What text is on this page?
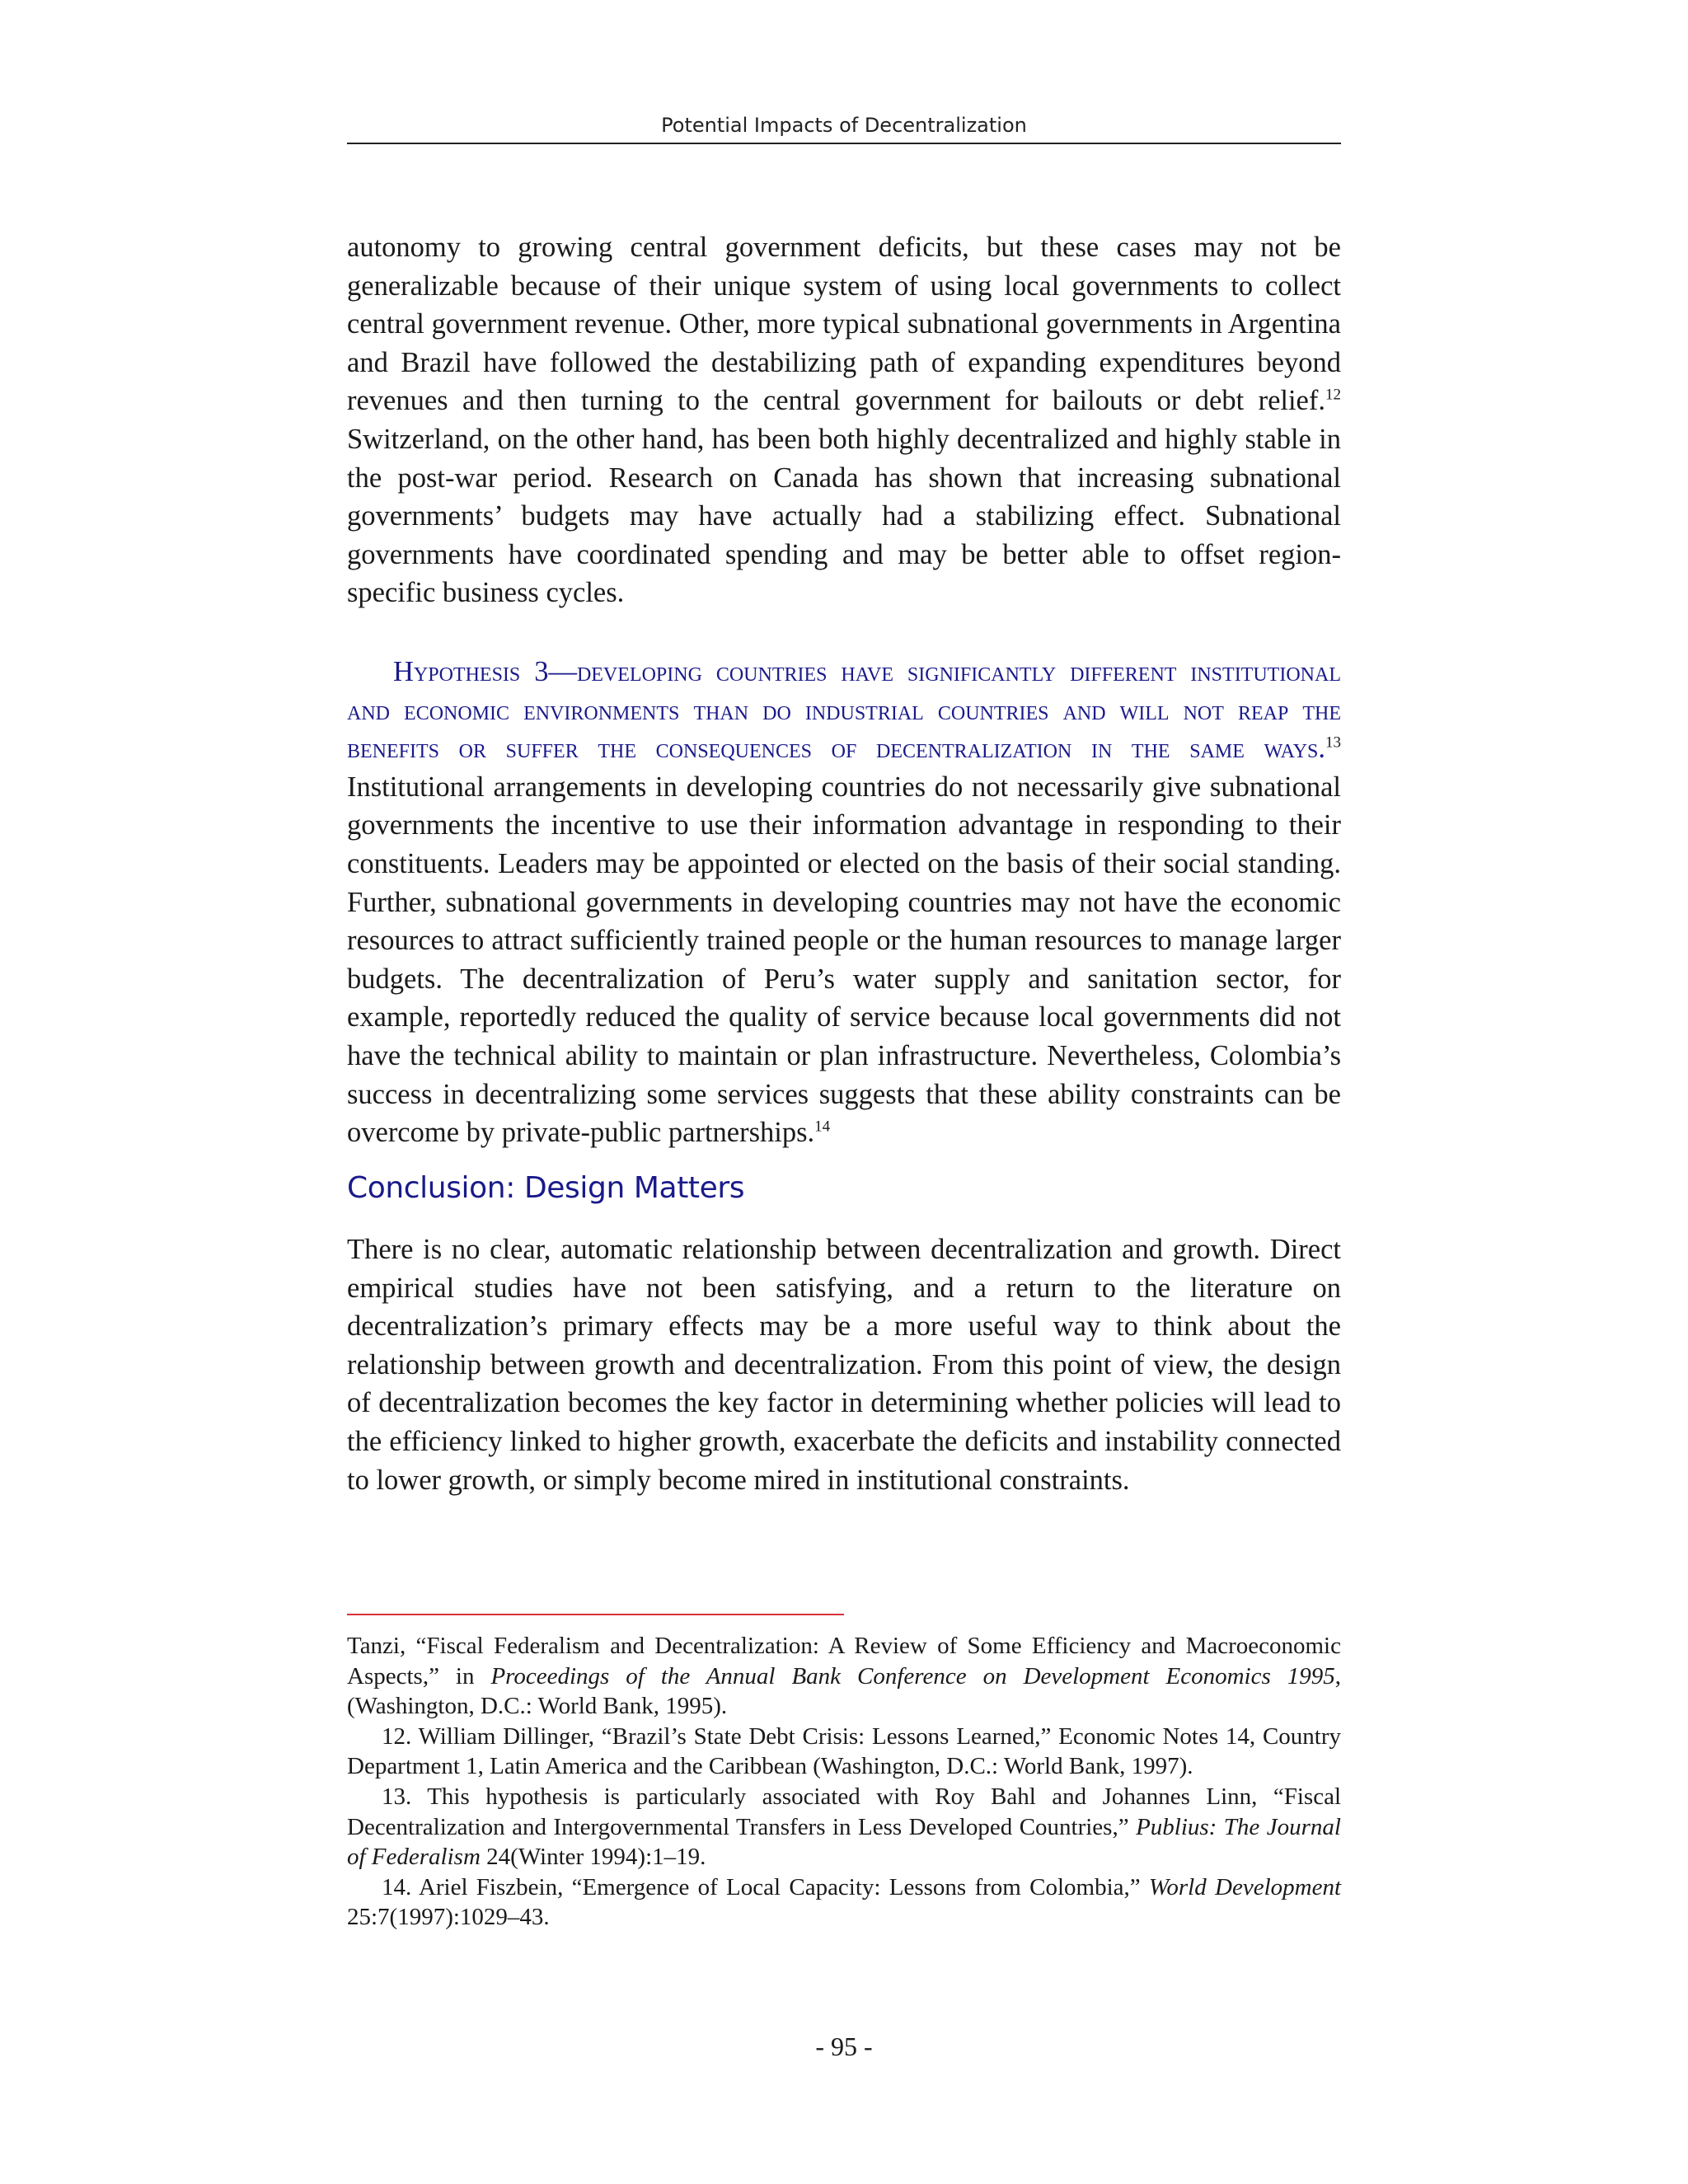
Potential Impacts of Decentralization

autonomy to growing central government deficits, but these cases may not be generalizable because of their unique system of using local governments to collect central government revenue. Other, more typical subnational governments in Argentina and Brazil have followed the destabilizing path of expanding expenditures beyond revenues and then turning to the central government for bailouts or debt relief.$^{12}$ Switzerland, on the other hand, has been both highly decentralized and highly stable in the post-war period. Research on Canada has shown that increasing subnational governments’ budgets may have actually had a stabilizing effect. Subnational governments have coordinated spending and may be better able to offset region-specific business cycles.

Hypothesis 3—developing countries have significantly different institutional and economic environments than do industrial countries and will not reap the benefits or suffer the consequences of decentralization in the same ways.$^{13}$ Institutional arrangements in developing countries do not necessarily give subnational governments the incentive to use their information advantage in responding to their constituents. Leaders may be appointed or elected on the basis of their social standing. Further, subnational governments in developing countries may not have the economic resources to attract sufficiently trained people or the human resources to manage larger budgets. The decentralization of Peru’s water supply and sanitation sector, for example, reportedly reduced the quality of service because local governments did not have the technical ability to maintain or plan infrastructure. Nevertheless, Colombia’s success in decentralizing some services suggests that these ability constraints can be overcome by private-public partnerships.$^{14}$

Conclusion: Design Matters

There is no clear, automatic relationship between decentralization and growth. Direct empirical studies have not been satisfying, and a return to the literature on decentralization’s primary effects may be a more useful way to think about the relationship between growth and decentralization. From this point of view, the design of decentralization becomes the key factor in determining whether policies will lead to the efficiency linked to higher growth, exacerbate the deficits and instability connected to lower growth, or simply become mired in institutional constraints.

Tanzi, “Fiscal Federalism and Decentralization: A Review of Some Efficiency and Macroeconomic Aspects,” in Proceedings of the Annual Bank Conference on Development Economics 1995, (Washington, D.C.: World Bank, 1995).

12. William Dillinger, “Brazil’s State Debt Crisis: Lessons Learned,” Economic Notes 14, Country Department 1, Latin America and the Caribbean (Washington, D.C.: World Bank, 1997).

13. This hypothesis is particularly associated with Roy Bahl and Johannes Linn, “Fiscal Decentralization and Intergovernmental Transfers in Less Developed Countries,” Publius: The Journal of Federalism 24(Winter 1994):1–19.

14. Ariel Fiszbein, “Emergence of Local Capacity: Lessons from Colombia,” World Development 25:7(1997):1029–43.

- 95 -
